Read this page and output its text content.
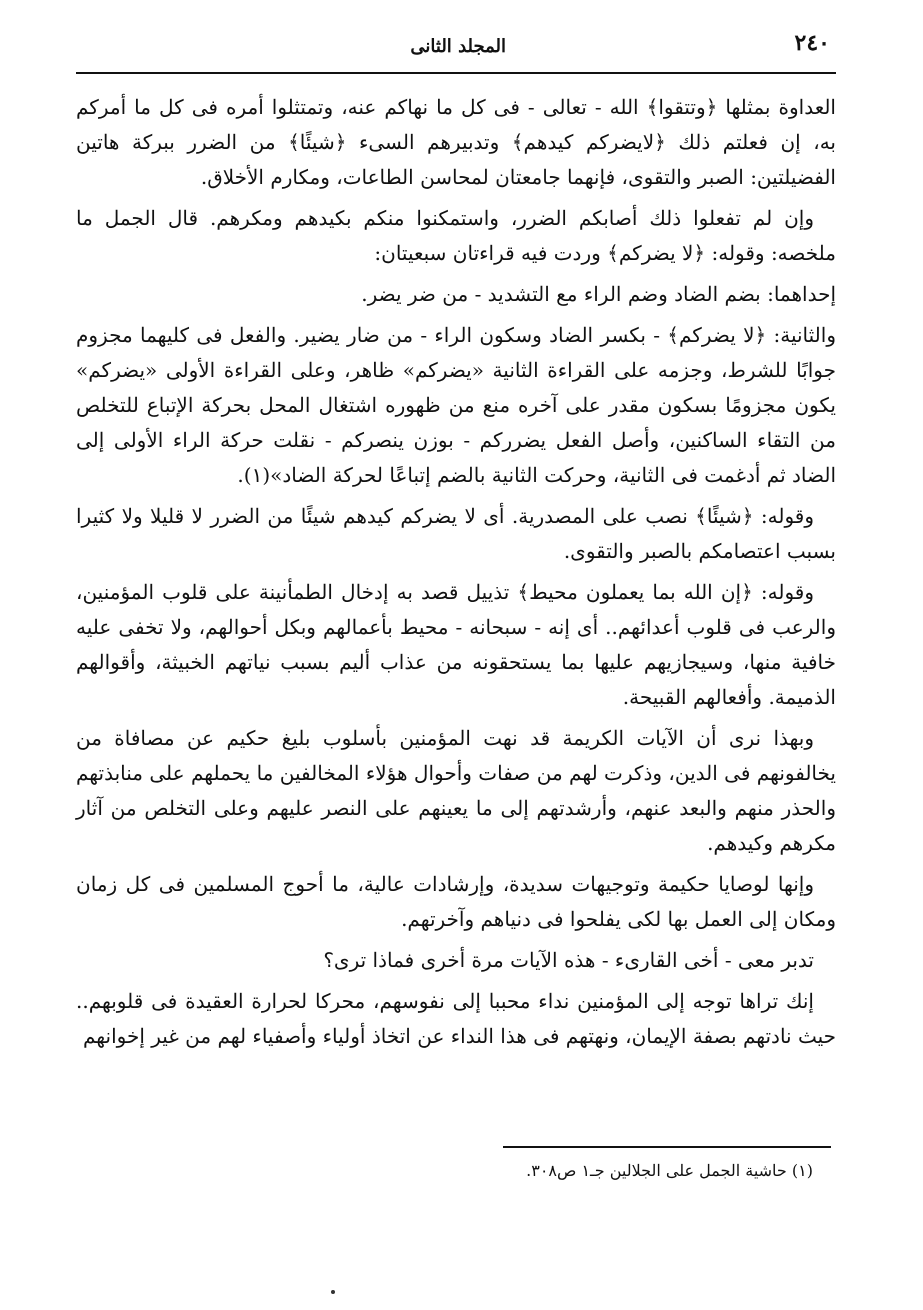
٢٤٠
المجلد الثانى

العداوة بمثلها ﴿وتتقوا﴾ الله - تعالى - فى كل ما نهاكم عنه، وتمتثلوا أمره فى كل ما أمركم به، إن فعلتم ذلك ﴿لايضركم كيدهم﴾ وتدبيرهم السىء ﴿شيئًا﴾ من الضرر ببركة هاتين الفضيلتين: الصبر والتقوى، فإنهما جامعتان لمحاسن الطاعات، ومكارم الأخلاق.

وإن لم تفعلوا ذلك أصابكم الضرر، واستمكنوا منكم بكيدهم ومكرهم. قال الجمل ما ملخصه: وقوله: ﴿لا يضركم﴾ وردت فيه قراءتان سبعيتان:

إحداهما: بضم الضاد وضم الراء مع التشديد - من ضر يضر.

والثانية: ﴿لا يضركم﴾ - بكسر الضاد وسكون الراء - من ضار يضير. والفعل فى كليهما مجزوم جوابًا للشرط، وجزمه على القراءة الثانية «يضركم» ظاهر، وعلى القراءة الأولى «يضركم» يكون مجزومًا بسكون مقدر على آخره منع من ظهوره اشتغال المحل بحركة الإتباع للتخلص من التقاء الساكنين، وأصل الفعل يضرركم - بوزن ينصركم - نقلت حركة الراء الأولى إلى الضاد ثم أدغمت فى الثانية، وحركت الثانية بالضم إتباعًا لحركة الضاد»(١).

وقوله: ﴿شيئًا﴾ نصب على المصدرية. أى لا يضركم كيدهم شيئًا من الضرر لا قليلا ولا كثيرا بسبب اعتصامكم بالصبر والتقوى.

وقوله: ﴿إن الله بما يعملون محيط﴾ تذييل قصد به إدخال الطمأنينة على قلوب المؤمنين، والرعب فى قلوب أعدائهم.. أى إنه - سبحانه - محيط بأعمالهم وبكل أحوالهم، ولا تخفى عليه خافية منها، وسيجازيهم عليها بما يستحقونه من عذاب أليم بسبب نياتهم الخبيثة، وأقوالهم الذميمة. وأفعالهم القبيحة.

وبهذا نرى أن الآيات الكريمة قد نهت المؤمنين بأسلوب بليغ حكيم عن مصافاة من يخالفونهم فى الدين، وذكرت لهم من صفات وأحوال هؤلاء المخالفين ما يحملهم على منابذتهم والحذر منهم والبعد عنهم، وأرشدتهم إلى ما يعينهم على النصر عليهم وعلى التخلص من آثار مكرهم وكيدهم.

وإنها لوصايا حكيمة وتوجيهات سديدة، وإرشادات عالية، ما أحوج المسلمين فى كل زمان ومكان إلى العمل بها لكى يفلحوا فى دنياهم وآخرتهم.

تدبر معى - أخى القارىء - هذه الآيات مرة أخرى فماذا ترى؟

إنك تراها توجه إلى المؤمنين نداء محببا إلى نفوسهم، محركا لحرارة العقيدة فى قلوبهم.. حيث نادتهم بصفة الإيمان، ونهتهم فى هذا النداء عن اتخاذ أولياء وأصفياء لهم من غير إخوانهم

(١) حاشية الجمل على الجلالين جـ١ ص٣٠٨.
